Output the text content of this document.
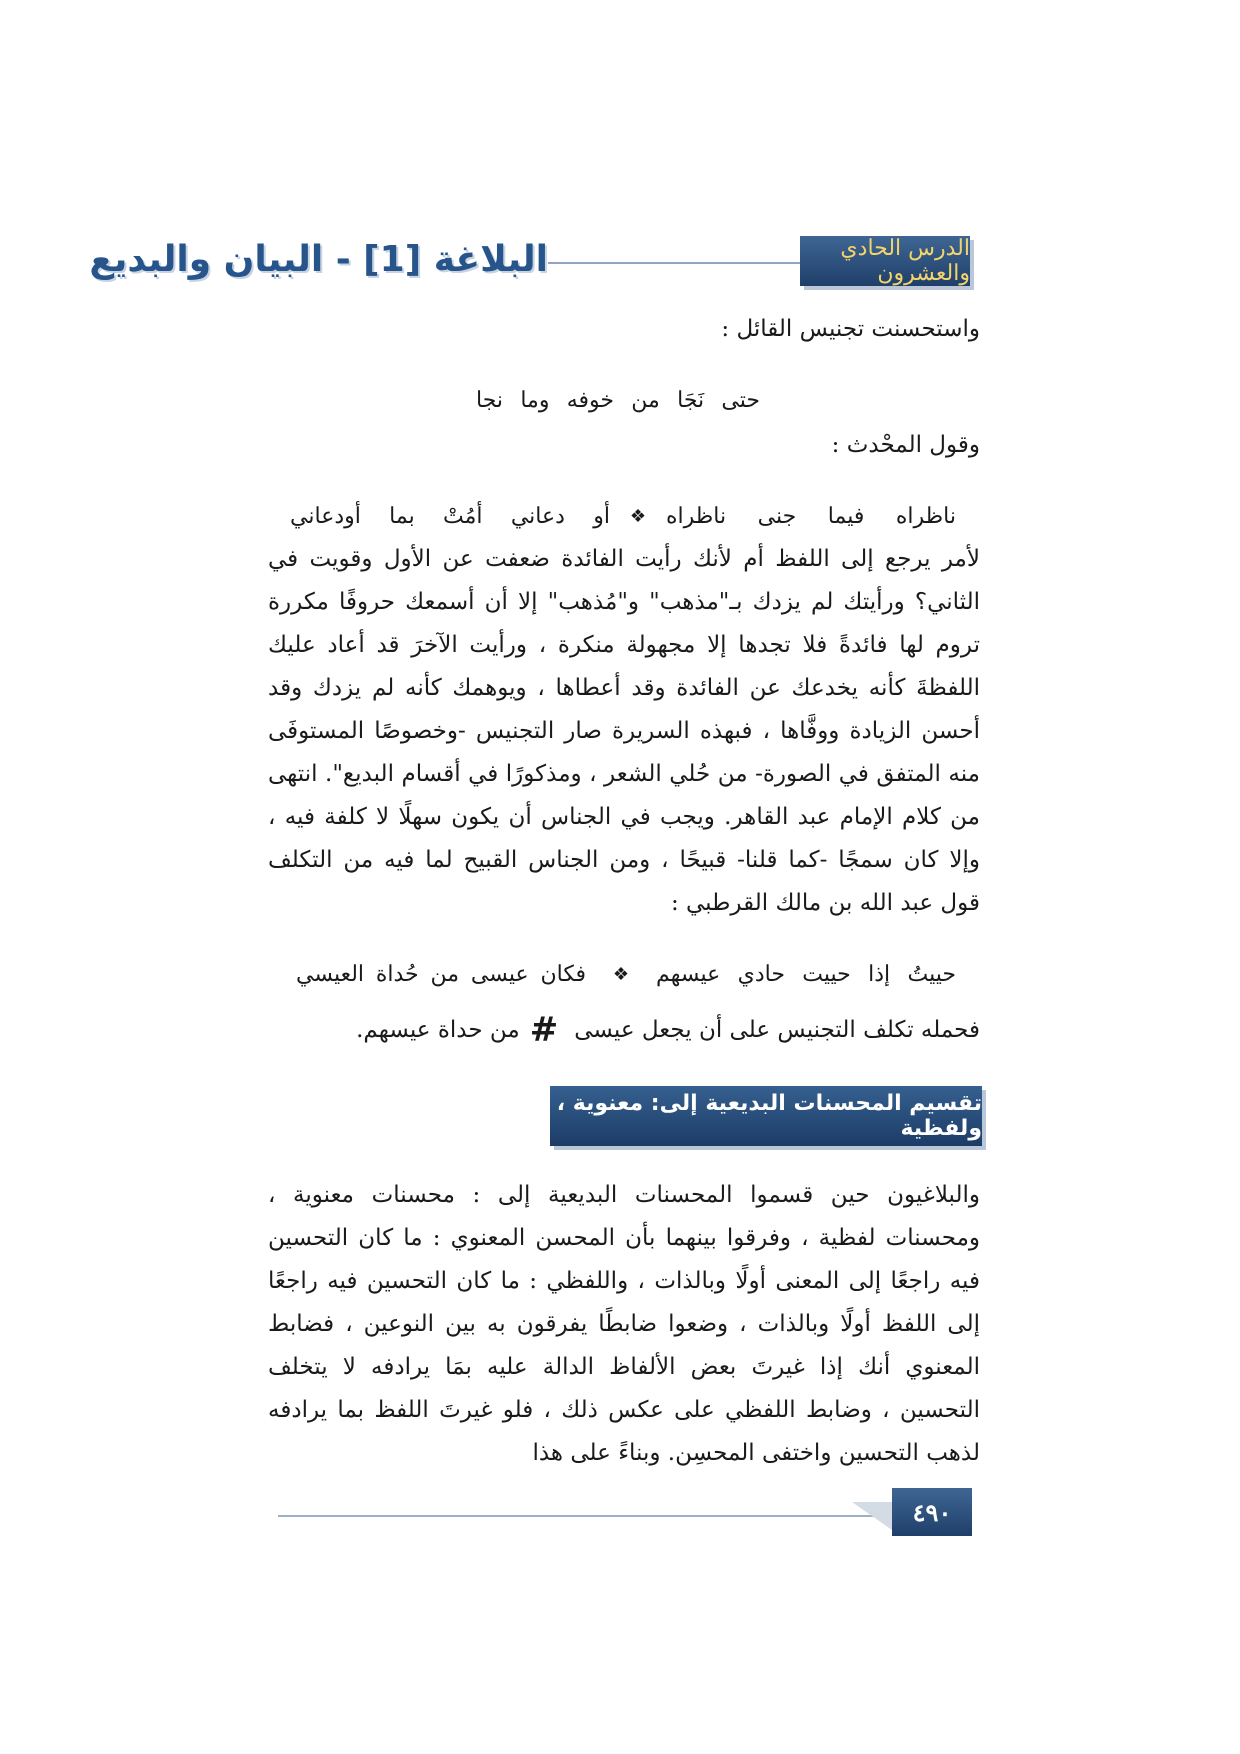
الدرس الحادي والعشرون
البلاغة [1] - البيان والبديع
واستحسنت تجنيس القائل :
حتى
نَجَا
من
خوفه
وما
نجا
وقول المحْدث :
ناظراه
فيما
جنى
ناظراه
❖
أو
دعاني
أمُتْ
بما
أودعاني
لأمر يرجع إلى اللفظ أم لأنك رأيت الفائدة ضعفت عن الأول وقويت في الثاني؟ ورأيتك لم يزدك بـ"مذهب" و"مُذهب" إلا أن أسمعك حروفًا مكررة تروم لها فائدةً فلا تجدها إلا مجهولة منكرة ، ورأيت الآخرَ قد أعاد عليك اللفظةَ كأنه يخدعك عن الفائدة وقد أعطاها ، ويوهمك كأنه لم يزدك وقد أحسن الزيادة ووفَّاها ، فبهذه السريرة صار التجنيس -وخصوصًا المستوفَى منه المتفق في الصورة- من حُلي الشعر ، ومذكورًا في أقسام البديع". انتهى من كلام الإمام عبد القاهر. ويجب في الجناس أن يكون سهلًا لا كلفة فيه ، وإلا كان سمجًا -كما قلنا- قبيحًا ، ومن الجناس القبيح لما فيه من التكلف قول عبد الله بن مالك القرطبي :
حييتُ
إذا
حييت
حادي
عيسهم
❖
فكان
عيسى
من
حُداة
العيسي
فحمله تكلف التجنيس على أن يجعل عيسى
#
من حداة عيسهم.
تقسيم المحسنات البديعية إلى: معنوية ، ولفظية
والبلاغيون حين قسموا المحسنات البديعية إلى : محسنات معنوية ، ومحسنات لفظية ، وفرقوا بينهما بأن المحسن المعنوي : ما كان التحسين فيه راجعًا إلى المعنى أولًا وبالذات ، واللفظي : ما كان التحسين فيه راجعًا إلى اللفظ أولًا وبالذات ، وضعوا ضابطًا يفرقون به بين النوعين ، فضابط المعنوي أنك إذا غيرتَ بعض الألفاظ الدالة عليه بمَا يرادفه لا يتخلف التحسين ، وضابط اللفظي على عكس ذلك ، فلو غيرتَ اللفظ بما يرادفه لذهب التحسين واختفى المحسِن. وبناءً على هذا
٤٩٠
